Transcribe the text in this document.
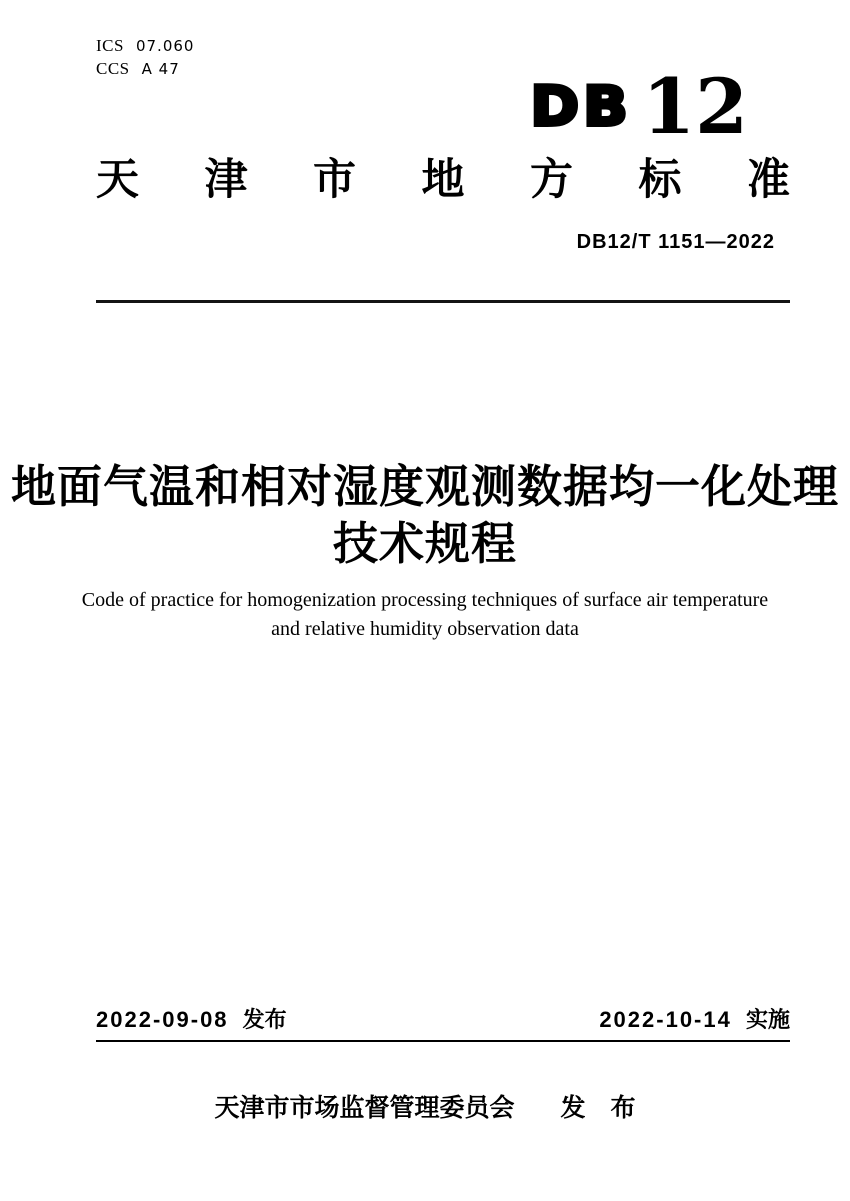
ICS 07.060
CCS A 47
DB 12
天 津 市 地 方 标 准
DB12/T 1151—2022
地面气温和相对湿度观测数据均一化处理
技术规程
Code of practice for homogenization processing techniques of surface air temperature
and relative humidity observation data
2022-09-08 发布	2022-10-14 实施
天津市市场监督管理委员会 发　布
